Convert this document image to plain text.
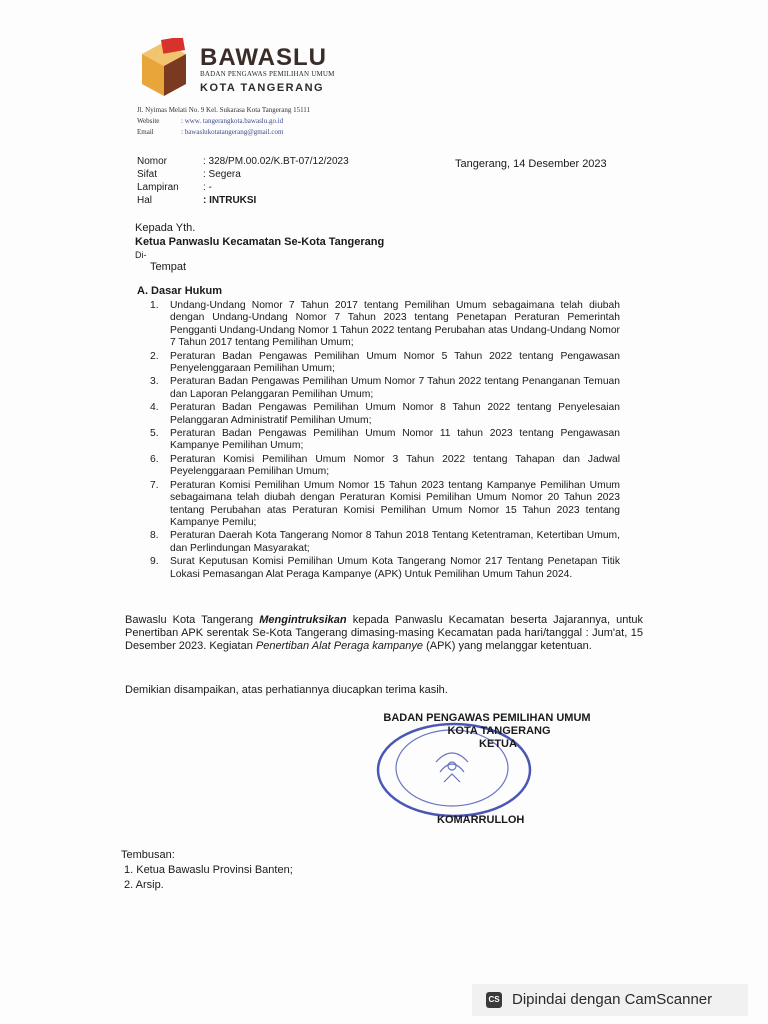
BAWASLU
BADAN PENGAWAS PEMILIHAN UMUM
KOTA TANGERANG
Jl. Nyimas Melati No. 9 Kel. Sukarasa Kota Tangerang 15111
Website	: www. tangerangkota.bawaslu.go.id
Email	: bawaslukotatangerang@gmail.com
Nomor	: 328/PM.00.02/K.BT-07/12/2023
Sifat	: Segera
Lampiran : -
Hal	: INTRUKSI
Tangerang, 14 Desember 2023
Kepada Yth.
Ketua Panwaslu Kecamatan Se-Kota Tangerang
Di-
Tempat
A. Dasar Hukum
1. Undang-Undang Nomor 7 Tahun 2017 tentang Pemilihan Umum sebagaimana telah diubah dengan Undang-Undang Nomor 7 Tahun 2023 tentang Penetapan Peraturan Pemerintah Pengganti Undang-Undang Nomor 1 Tahun 2022 tentang Perubahan atas Undang-Undang Nomor 7 Tahun 2017 tentang Pemilihan Umum;
2. Peraturan Badan Pengawas Pemilihan Umum Nomor 5 Tahun 2022 tentang Pengawasan Penyelenggaraan Pemilihan Umum;
3. Peraturan Badan Pengawas Pemilihan Umum Nomor 7 Tahun 2022 tentang Penanganan Temuan dan Laporan Pelanggaran Pemilihan Umum;
4. Peraturan Badan Pengawas Pemilihan Umum Nomor 8 Tahun 2022 tentang Penyelesaian Pelanggaran Administratif Pemilihan Umum;
5. Peraturan Badan Pengawas Pemilihan Umum Nomor 11 tahun 2023 tentang Pengawasan Kampanye Pemilihan Umum;
6. Peraturan Komisi Pemilihan Umum Nomor 3 Tahun 2022 tentang Tahapan dan Jadwal Peyelenggaraan Pemilihan Umum;
7. Peraturan Komisi Pemilihan Umum Nomor 15 Tahun 2023 tentang Kampanye Pemilihan Umum sebagaimana telah diubah dengan Peraturan Komisi Pemilihan Umum Nomor 20 Tahun 2023 tentang Perubahan atas Peraturan Komisi Pemilihan Umum Nomor 15 Tahun 2023 tentang Kampanye Pemilu;
8. Peraturan Daerah Kota Tangerang Nomor 8 Tahun 2018 Tentang Ketentraman, Ketertiban Umum, dan Perlindungan Masyarakat;
9. Surat Keputusan Komisi Pemilihan Umum Kota Tangerang Nomor 217 Tentang Penetapan Titik Lokasi Pemasangan Alat Peraga Kampanye (APK) Untuk Pemilihan Umum Tahun 2024.
Bawaslu Kota Tangerang Mengintruksikan kepada Panwaslu Kecamatan beserta Jajarannya, untuk Penertiban APK serentak Se-Kota Tangerang dimasing-masing Kecamatan pada hari/tanggal : Jum'at, 15 Desember 2023. Kegiatan Penertiban Alat Peraga kampanye (APK) yang melanggar ketentuan.
Demikian disampaikan, atas perhatiannya diucapkan terima kasih.
BADAN PENGAWAS PEMILIHAN UMUM
KOTA TANGERANG
KETUA
KOMARRULLOH
Tembusan:
1. Ketua Bawaslu Provinsi Banten;
2. Arsip.
CS Dipindai dengan CamScanner
